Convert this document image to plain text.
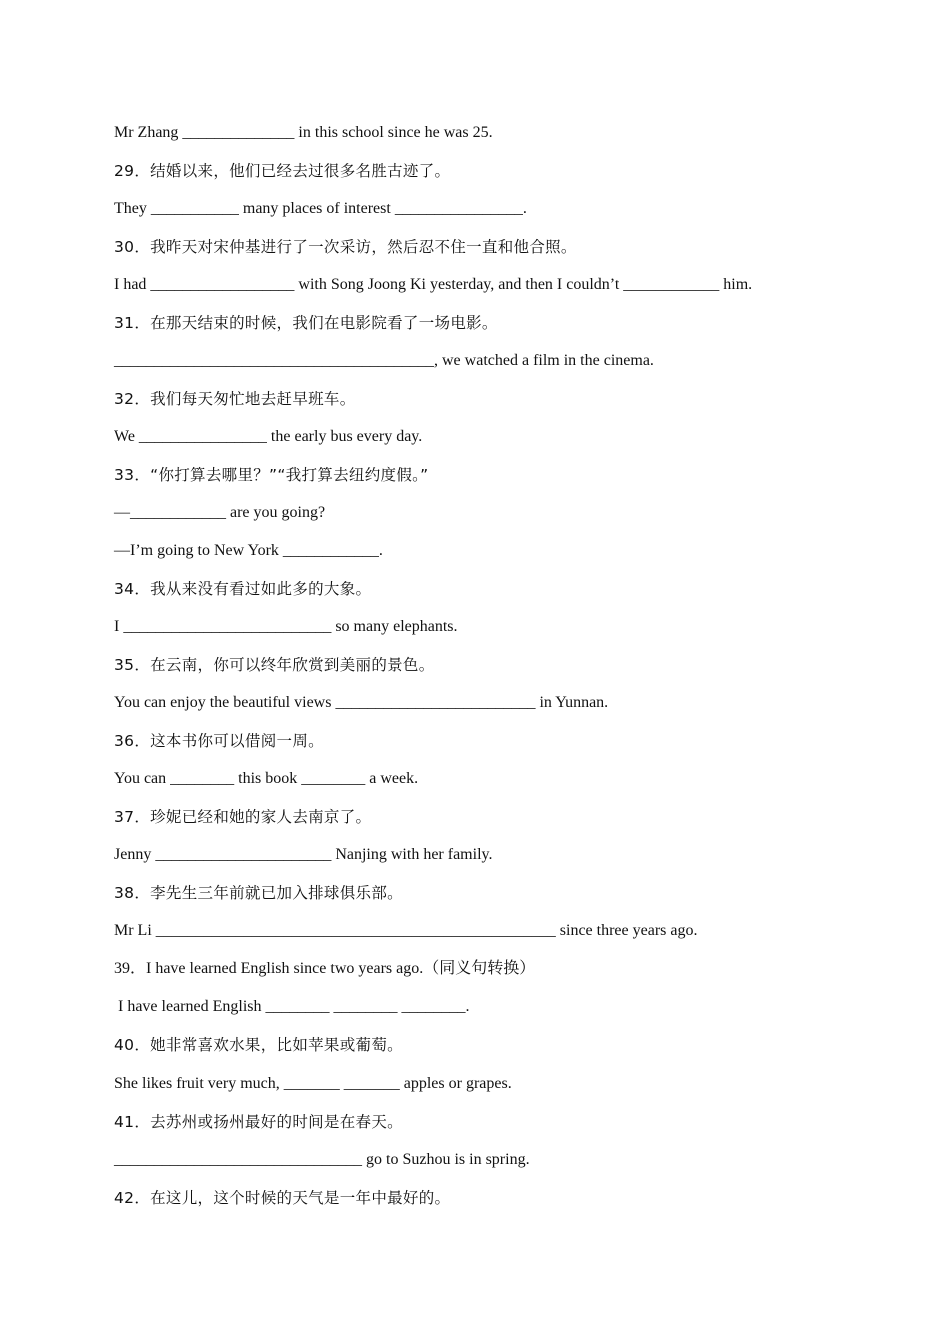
Mr Zhang ______________ in this school since he was 25.
29．结婚以来，他们已经去过很多名胜古迹了。
They ___________ many places of interest ________________.
30．我昨天对宋仲基进行了一次采访，然后忍不住一直和他合照。
I had __________________ with Song Joong Ki yesterday, and then I couldn’t ____________ him.
31．在那天结束的时候，我们在电影院看了一场电影。
________________________________________, we watched a film in the cinema.
32．我们每天匆忙地去赶早班车。
We ________________ the early bus every day.
33．“你打算去哪里？”“我打算去纽约度假。”
—____________ are you going?
—I’m going to New York ____________.
34．我从来没有看过如此多的大象。
I __________________________ so many elephants.
35．在云南，你可以终年欣赏到美丽的景色。
You can enjoy the beautiful views _________________________ in Yunnan.
36．这本书你可以借阅一周。
You can ________ this book ________ a week.
37．珍妮已经和她的家人去南京了。
Jenny ______________________ Nanjing with her family.
38．李先生三年前就已加入排球俱乐部。
Mr Li __________________________________________________ since three years ago.
39．I have learned English since two years ago.（同义句转换）
I have learned English ________ ________ ________.
40．她非常喜欢水果，比如苹果或葡萄。
She likes fruit very much, _______ _______ apples or grapes.
41．去苏州或扬州最好的时间是在春天。
_______________________________ go to Suzhou is in spring.
42．在这儿，这个时候的天气是一年中最好的。
